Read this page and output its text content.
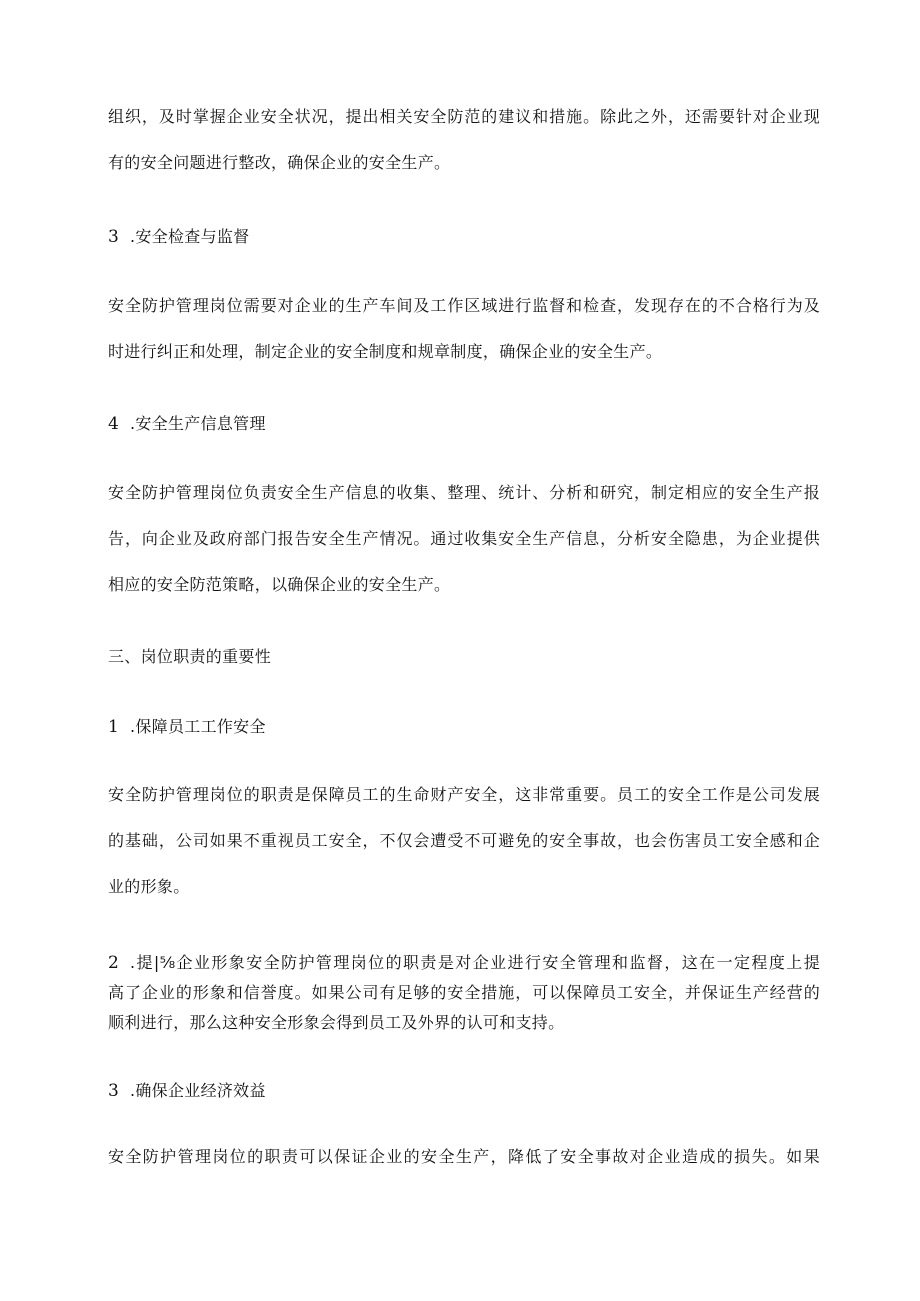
组织，及时掌握企业安全状况，提出相关安全防范的建议和措施。除此之外，还需要针对企业现
有的安全问题进行整改，确保企业的安全生产。
3 .安全检查与监督
安全防护管理岗位需要对企业的生产车间及工作区域进行监督和检查，发现存在的不合格行为及
时进行纠正和处理，制定企业的安全制度和规章制度，确保企业的安全生产。
4 .安全生产信息管理
安全防护管理岗位负责安全生产信息的收集、整理、统计、分析和研究，制定相应的安全生产报
告，向企业及政府部门报告安全生产情况。通过收集安全生产信息，分析安全隐患，为企业提供
相应的安全防范策略，以确保企业的安全生产。
三、岗位职责的重要性
1 .保障员工工作安全
安全防护管理岗位的职责是保障员工的生命财产安全，这非常重要。员工的安全工作是公司发展
的基础，公司如果不重视员工安全，不仅会遭受不可避免的安全事故，也会伤害员工安全感和企
业的形象。
2 .提|⅝企业形象安全防护管理岗位的职责是对企业进行安全管理和监督，这在一定程度上提
高了企业的形象和信誉度。如果公司有足够的安全措施，可以保障员工安全，并保证生产经营的
顺利进行，那么这种安全形象会得到员工及外界的认可和支持。
3 .确保企业经济效益
安全防护管理岗位的职责可以保证企业的安全生产，降低了安全事故对企业造成的损失。如果
